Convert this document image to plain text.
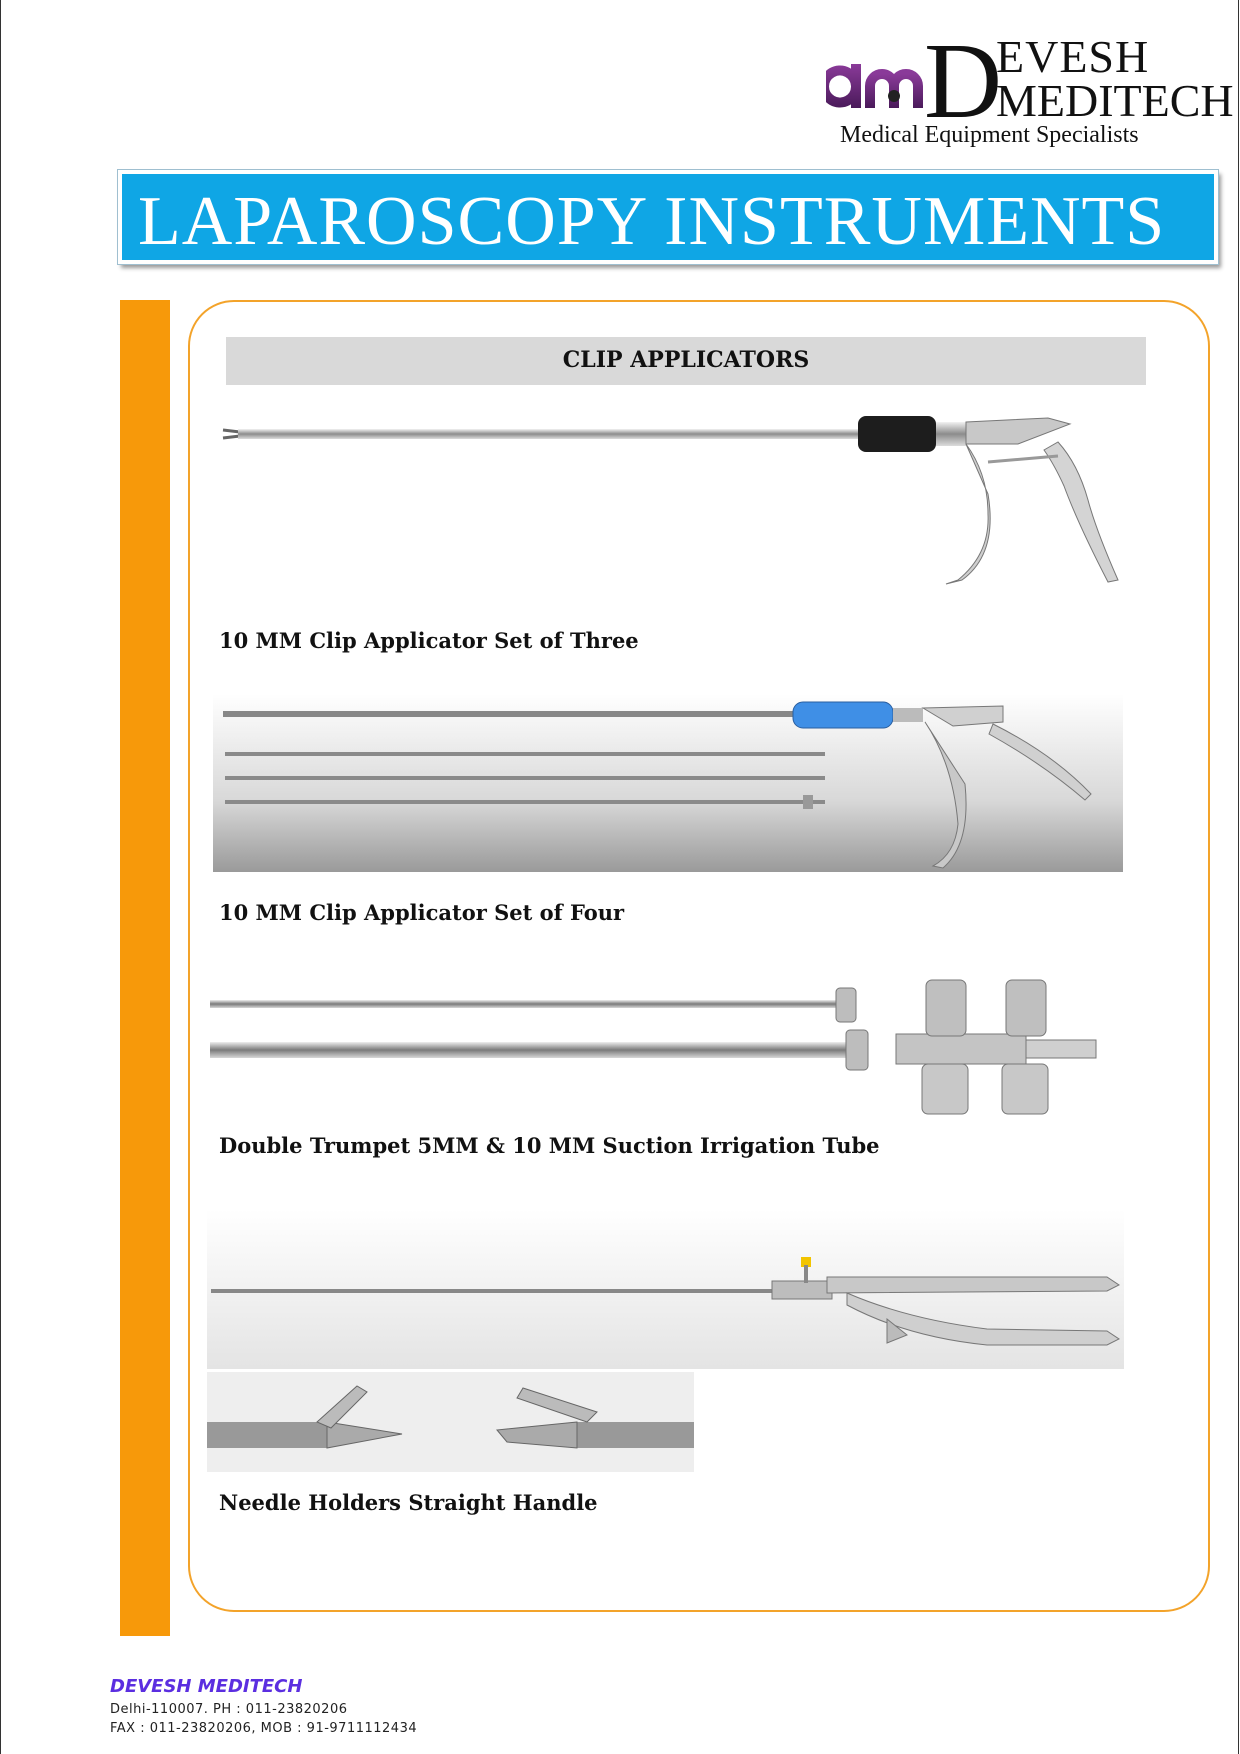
D
EVESH
MEDITECH
Medical Equipment Specialists
LAPAROSCOPY INSTRUMENTS
CLIP APPLICATORS
10 MM Clip Applicator Set of Three
10 MM Clip Applicator Set of Four
Double Trumpet 5MM & 10 MM Suction Irrigation Tube
Needle Holders Straight Handle
DEVESH MEDITECH
Delhi-110007. PH : 011-23820206
FAX : 011-23820206, MOB : 91-9711112434
